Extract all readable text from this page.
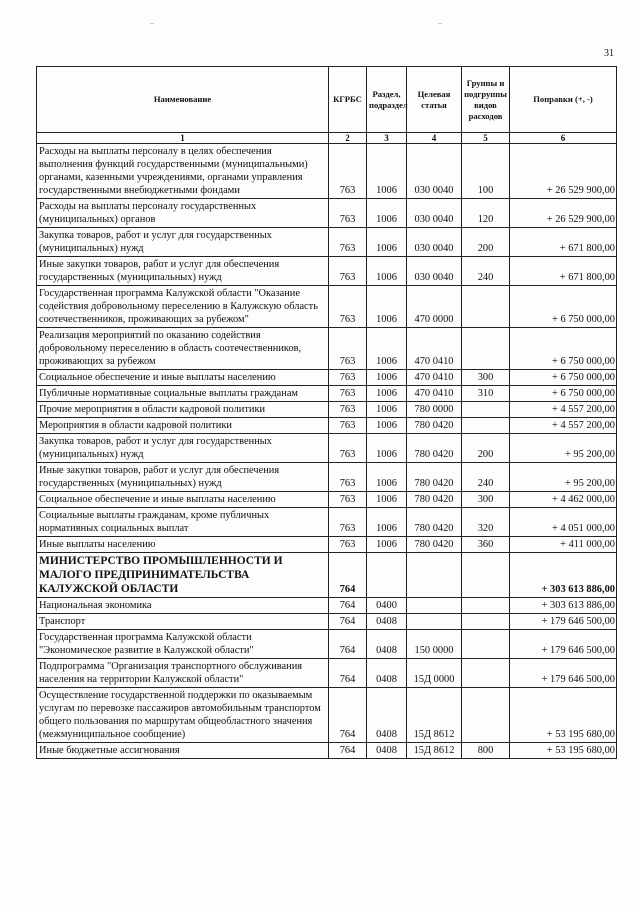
–	–
31
Наименование	КГРБС	Раздел, подраздел	Целевая статья	Группы и подгруппы видов расходов	Поправки (+, -)
1	2	3	4	5	6
Расходы на выплаты персоналу в целях обеспечения выполнения функций государственными (муниципальными) органами, казенными учреждениями, органами управления государственными внебюджетными фондами	763	1006	030 0040	100	+ 26 529 900,00
Расходы на выплаты персоналу государственных (муниципальных) органов	763	1006	030 0040	120	+ 26 529 900,00
Закупка товаров, работ и услуг для государственных (муниципальных) нужд	763	1006	030 0040	200	+ 671 800,00
Иные закупки товаров, работ и услуг для обеспечения государственных (муниципальных) нужд	763	1006	030 0040	240	+ 671 800,00
Государственная программа Калужской области "Оказание содействия добровольному переселению в Калужскую область соотечественников, проживающих за рубежом"	763	1006	470 0000		+ 6 750 000,00
Реализация мероприятий по оказанию содействия добровольному переселению в область соотечественников, проживающих за рубежом	763	1006	470 0410		+ 6 750 000,00
Социальное обеспечение и иные выплаты населению	763	1006	470 0410	300	+ 6 750 000,00
Публичные нормативные социальные выплаты гражданам	763	1006	470 0410	310	+ 6 750 000,00
Прочие мероприятия в области кадровой политики	763	1006	780 0000		+ 4 557 200,00
Мероприятия в области кадровой политики	763	1006	780 0420		+ 4 557 200,00
Закупка товаров, работ и услуг для государственных (муниципальных) нужд	763	1006	780 0420	200	+ 95 200,00
Иные закупки товаров, работ и услуг для обеспечения государственных (муниципальных) нужд	763	1006	780 0420	240	+ 95 200,00
Социальное обеспечение и иные выплаты населению	763	1006	780 0420	300	+ 4 462 000,00
Социальные выплаты гражданам, кроме публичных нормативных социальных выплат	763	1006	780 0420	320	+ 4 051 000,00
Иные выплаты населению	763	1006	780 0420	360	+ 411 000,00
МИНИСТЕРСТВО ПРОМЫШЛЕННОСТИ И МАЛОГО ПРЕДПРИНИМАТЕЛЬСТВА КАЛУЖСКОЙ ОБЛАСТИ	764				+ 303 613 886,00
Национальная экономика	764	0400			+ 303 613 886,00
Транспорт	764	0408			+ 179 646 500,00
Государственная программа Калужской области "Экономическое развитие в Калужской области"	764	0408	150 0000		+ 179 646 500,00
Подпрограмма "Организация транспортного обслуживания населения на территории Калужской области"	764	0408	15Д 0000		+ 179 646 500,00
Осуществление государственной поддержки по оказываемым услугам по перевозке пассажиров автомобильным транспортом общего пользования по маршрутам общеобластного значения (межмуниципальное сообщение)	764	0408	15Д 8612		+ 53 195 680,00
Иные бюджетные ассигнования	764	0408	15Д 8612	800	+ 53 195 680,00
